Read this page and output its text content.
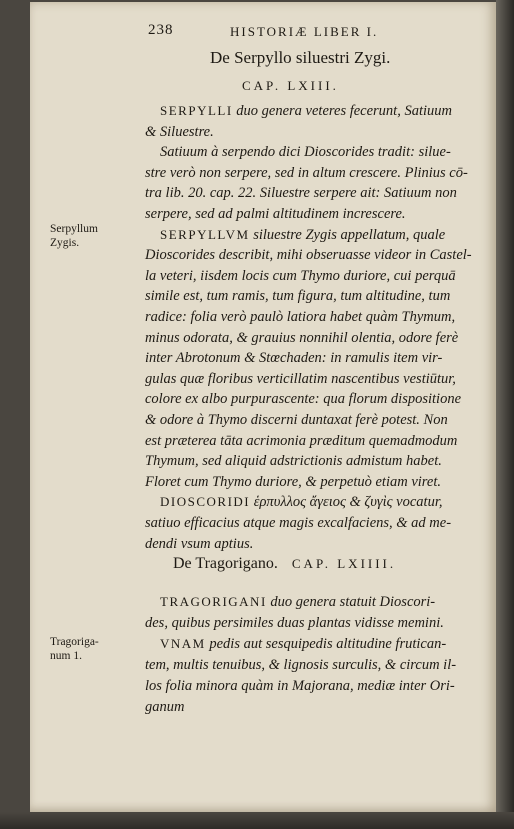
238	HISTORIÆ LIBER I.
De Serpyllo siluestri Zygi.
CAP. LXIII.
Serpyllum
Zygis.
Tragoriga-
num 1.
De Tragorigano. CAP. LXIIII.
SERPYLLI duo genera veteres fecerunt, Satiuum
& Siluestre.
Satiuum à serpendo dici Dioscorides tradit: silue-
stre verò non serpere, sed in altum crescere. Plinius cō-
tra lib. 20. cap. 22. Siluestre serpere ait: Satiuum non
serpere, sed ad palmi altitudinem increscere.
SERPYLLVM siluestre Zygis appellatum, quale
Dioscorides describit, mihi obseruasse videor in Castel-
la veteri, iisdem locis cum Thymo duriore, cui perquā
simile est, tum ramis, tum figura, tum altitudine, tum
radice: folia verò paulò latiora habet quàm Thymum,
minus odorata, & grauius nonnihil olentia, odore ferè
inter Abrotonum & Stœchaden: in ramulis item vir-
gulas quæ floribus verticillatim nascentibus vestiūtur,
colore ex albo purpurascente: qua florum dispositione
& odore à Thymo discerni duntaxat ferè potest. Non
est præterea tāta acrimonia præditum quemadmodum
Thymum, sed aliquid adstrictionis admistum habet.
Floret cum Thymo duriore, & perpetuò etiam viret.
DIOSCORIDI ἑρπυλλος ἄγειος & ζυγὶς vocatur,
satiuo efficacius atque magis excalfaciens, & ad me-
dendi vsum aptius.
TRAGORIGANI duo genera statuit Dioscori-
des, quibus persimiles duas plantas vidisse memini.
VNAM pedis aut sesquipedis altitudine frutican-
tem, multis tenuibus, & lignosis surculis, & circum il-
los folia minora quàm in Majorana, mediæ inter Ori-
ganum
